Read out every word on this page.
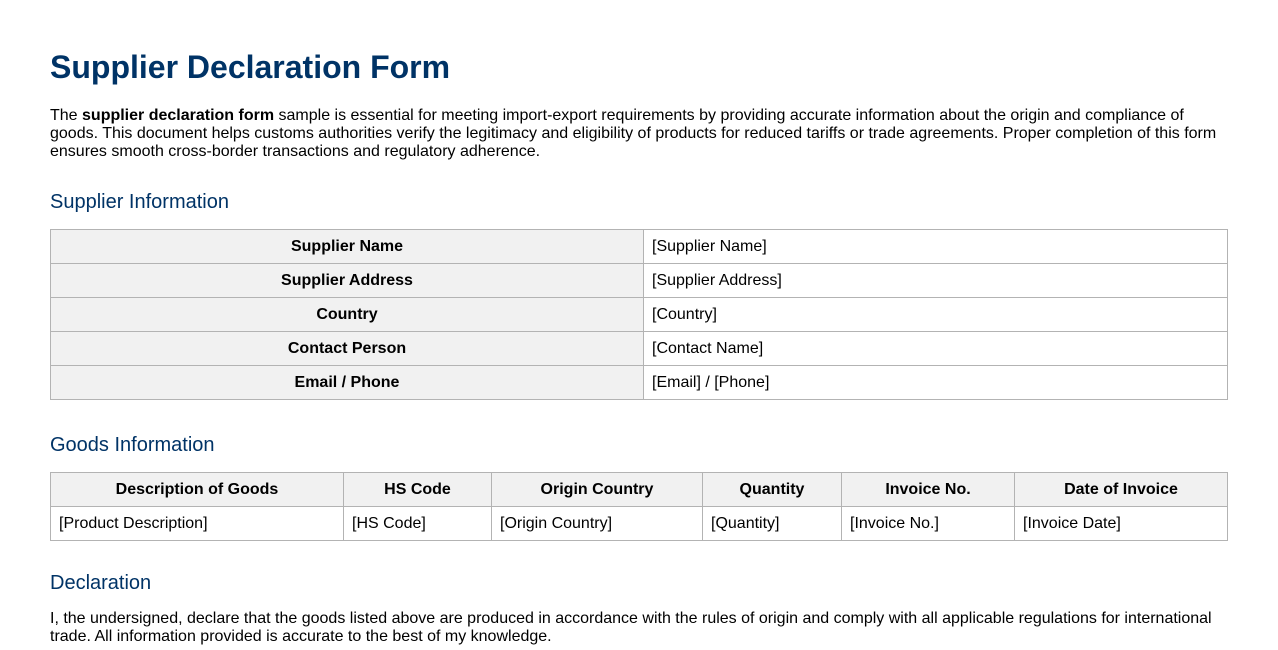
Supplier Declaration Form

The supplier declaration form sample is essential for meeting import-export requirements by providing accurate information about the origin and compliance of goods. This document helps customs authorities verify the legitimacy and eligibility of products for reduced tariffs or trade agreements. Proper completion of this form ensures smooth cross-border transactions and regulatory adherence.

Supplier Information
Supplier Name	[Supplier Name]
Supplier Address	[Supplier Address]
Country	[Country]
Contact Person	[Contact Name]
Email / Phone	[Email] / [Phone]
Goods Information
Description of Goods	HS Code	Origin Country	Quantity	Invoice No.	Date of Invoice
[Product Description]	[HS Code]	[Origin Country]	[Quantity]	[Invoice No.]	[Invoice Date]
Declaration

I, the undersigned, declare that the goods listed above are produced in accordance with the rules of origin and comply with all applicable regulations for international trade. All information provided is accurate to the best of my knowledge.
